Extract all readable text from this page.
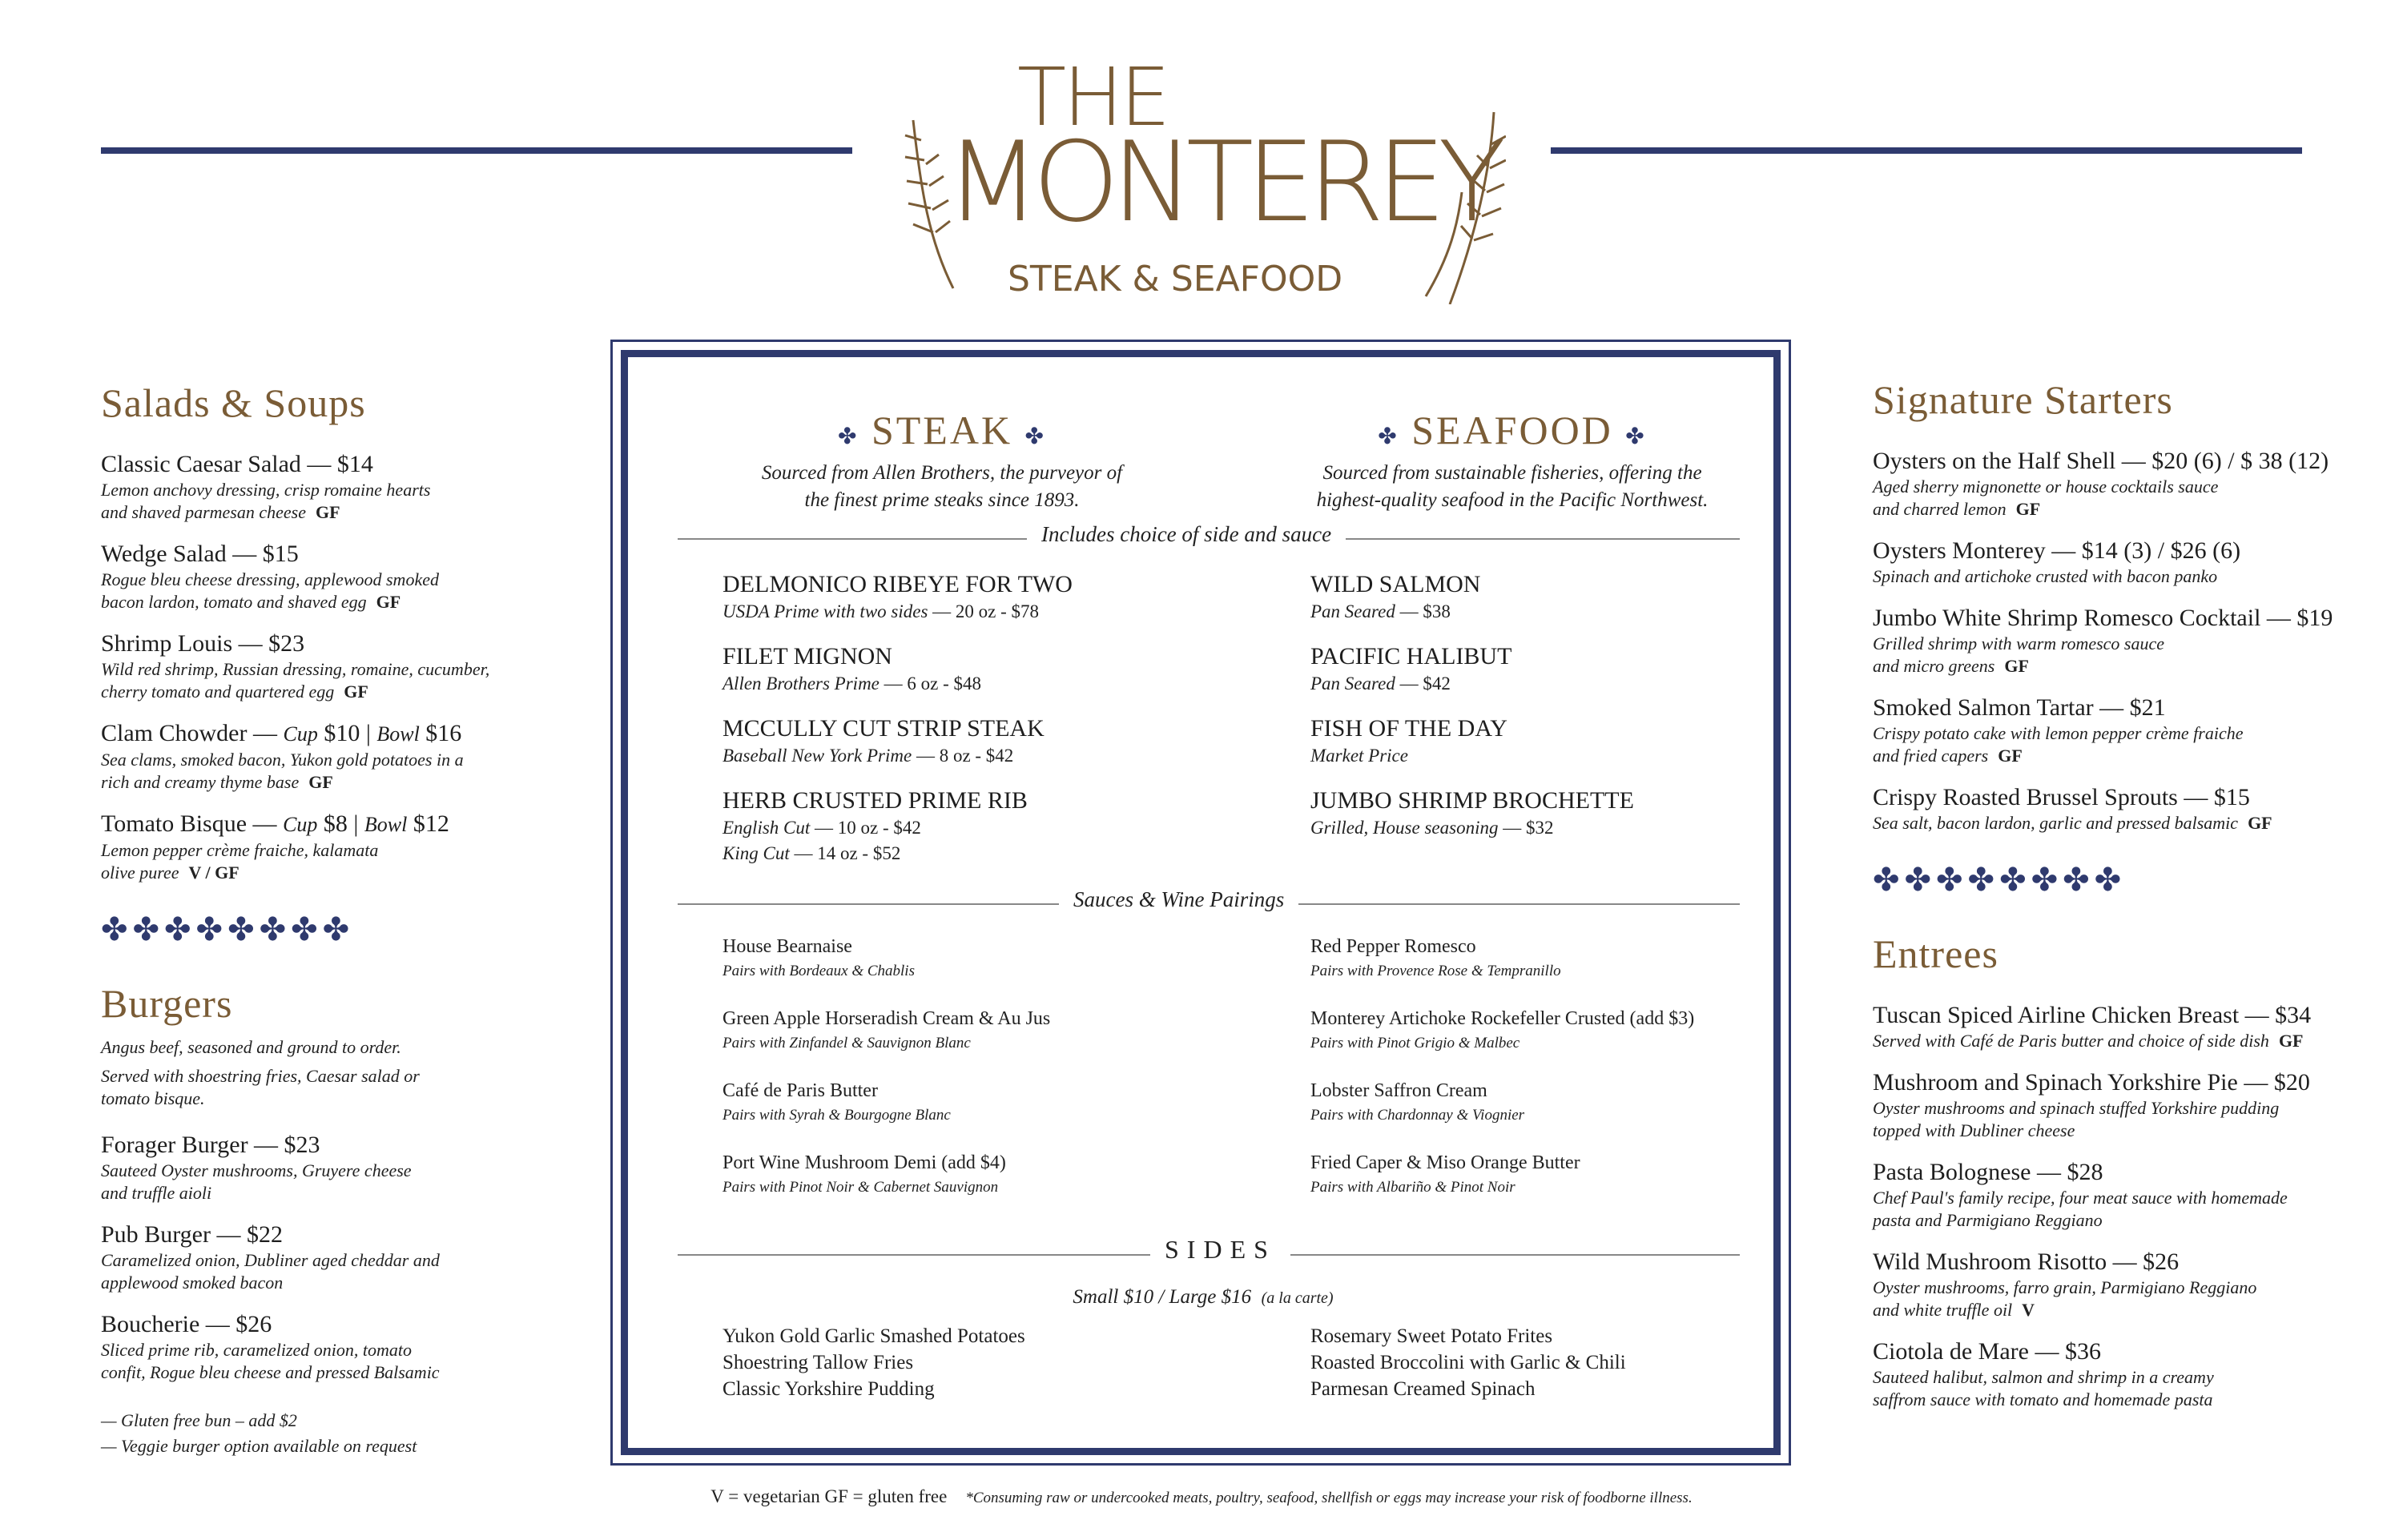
THE
MONTEREY
STEAK & SEAFOOD
Salads & Soups
Classic Caesar Salad — $14
Lemon anchovy dressing, crisp romaine hearts
and shaved parmesan cheese GF
Wedge Salad — $15
Rogue bleu cheese dressing, applewood smoked
bacon lardon, tomato and shaved egg GF
Shrimp Louis — $23
Wild red shrimp, Russian dressing, romaine, cucumber,
cherry tomato and quartered egg GF
Clam Chowder — Cup $10 | Bowl $16
Sea clams, smoked bacon, Yukon gold potatoes in a
rich and creamy thyme base GF
Tomato Bisque — Cup $8 | Bowl $12
Lemon pepper crème fraiche, kalamata
olive puree V / GF
✤✤✤✤✤✤✤✤
Burgers
Angus beef, seasoned and ground to order.
Served with shoestring fries, Caesar salad or
tomato bisque.
Forager Burger — $23
Sauteed Oyster mushrooms, Gruyere cheese
and truffle aioli
Pub Burger — $22
Caramelized onion, Dubliner aged cheddar and
applewood smoked bacon
Boucherie — $26
Sliced prime rib, caramelized onion, tomato
confit, Rogue bleu cheese and pressed Balsamic
— Gluten free bun – add $2
— Veggie burger option available on request
✤ STEAK ✤
Sourced from Allen Brothers, the purveyor of
the finest prime steaks since 1893.
✤ SEAFOOD ✤
Sourced from sustainable fisheries, offering the
highest-quality seafood in the Pacific Northwest.
Includes choice of side and sauce
DELMONICO RIBEYE FOR TWO
USDA Prime with two sides — 20 oz - $78
FILET MIGNON
Allen Brothers Prime — 6 oz - $48
MCCULLY CUT STRIP STEAK
Baseball New York Prime — 8 oz - $42
HERB CRUSTED PRIME RIB
English Cut — 10 oz - $42
King Cut — 14 oz - $52
WILD SALMON
Pan Seared — $38
PACIFIC HALIBUT
Pan Seared — $42
FISH OF THE DAY
Market Price
JUMBO SHRIMP BROCHETTE
Grilled, House seasoning — $32
Sauces & Wine Pairings
House Bearnaise
Pairs with Bordeaux & Chablis
Green Apple Horseradish Cream & Au Jus
Pairs with Zinfandel & Sauvignon Blanc
Café de Paris Butter
Pairs with Syrah & Bourgogne Blanc
Port Wine Mushroom Demi (add $4)
Pairs with Pinot Noir & Cabernet Sauvignon
Red Pepper Romesco
Pairs with Provence Rose & Tempranillo
Monterey Artichoke Rockefeller Crusted (add $3)
Pairs with Pinot Grigio & Malbec
Lobster Saffron Cream
Pairs with Chardonnay & Viognier
Fried Caper & Miso Orange Butter
Pairs with Albariño & Pinot Noir
SIDES
Small $10 / Large $16 (a la carte)
Yukon Gold Garlic Smashed Potatoes
Shoestring Tallow Fries
Classic Yorkshire Pudding
Rosemary Sweet Potato Frites
Roasted Broccolini with Garlic & Chili
Parmesan Creamed Spinach
Signature Starters
Oysters on the Half Shell — $20 (6) / $ 38 (12)
Aged sherry mignonette or house cocktails sauce
and charred lemon GF
Oysters Monterey — $14 (3) / $26 (6)
Spinach and artichoke crusted with bacon panko
Jumbo White Shrimp Romesco Cocktail — $19
Grilled shrimp with warm romesco sauce
and micro greens GF
Smoked Salmon Tartar — $21
Crispy potato cake with lemon pepper crème fraiche
and fried capers GF
Crispy Roasted Brussel Sprouts — $15
Sea salt, bacon lardon, garlic and pressed balsamic GF
✤✤✤✤✤✤✤✤
Entrees
Tuscan Spiced Airline Chicken Breast — $34
Served with Café de Paris butter and choice of side dish GF
Mushroom and Spinach Yorkshire Pie — $20
Oyster mushrooms and spinach stuffed Yorkshire pudding
topped with Dubliner cheese
Pasta Bolognese — $28
Chef Paul's family recipe, four meat sauce with homemade
pasta and Parmigiano Reggiano
Wild Mushroom Risotto — $26
Oyster mushrooms, farro grain, Parmigiano Reggiano
and white truffle oil V
Ciotola de Mare — $36
Sauteed halibut, salmon and shrimp in a creamy
saffrom sauce with tomato and homemade pasta
V = vegetarian GF = gluten free *Consuming raw or undercooked meats, poultry, seafood, shellfish or eggs may increase your risk of foodborne illness.
